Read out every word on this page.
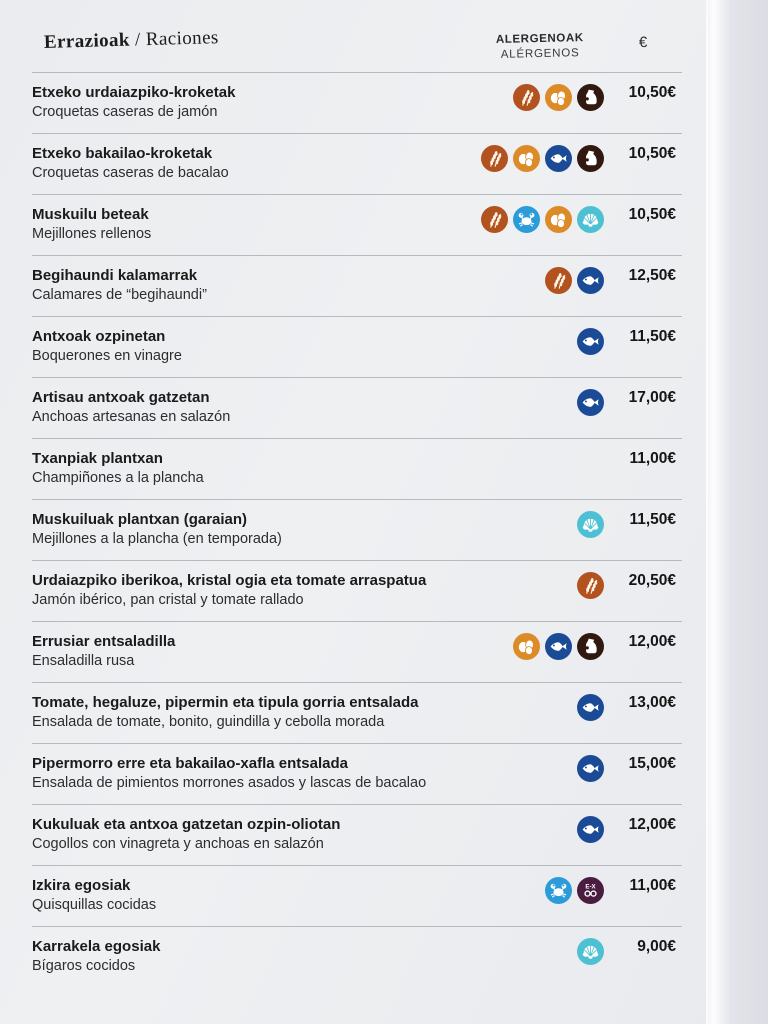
Errazioak / Raciones	ALERGENOAK
ALÉRGENOS
€
Etxeko urdaiazpiko-kroketak
Croquetas caseras de jamón
10,50€
Etxeko bakailao-kroketak
Croquetas caseras de bacalao
10,50€
Muskuilu beteak
Mejillones rellenos
10,50€
Begihaundi kalamarrak
Calamares de “begihaundi”
12,50€
Antxoak ozpinetan
Boquerones en vinagre
11,50€
Artisau antxoak gatzetan
Anchoas artesanas en salazón
17,00€
Txanpiak plantxan
Champiñones a la plancha
11,00€
Muskuiluak plantxan (garaian)
Mejillones a la plancha (en temporada)
11,50€
Urdaiazpiko iberikoa, kristal ogia eta tomate arraspatua
Jamón ibérico, pan cristal y tomate rallado
20,50€
Errusiar entsaladilla
Ensaladilla rusa
12,00€
Tomate, hegaluze, pipermin eta tipula gorria entsalada
Ensalada de tomate, bonito, guindilla y cebolla morada
13,00€
Pipermorro erre eta bakailao-xafla entsalada
Ensalada de pimientos morrones asados y lascas de bacalao
15,00€
Kukuluak eta antxoa gatzetan ozpin-oliotan
Cogollos con vinagreta y anchoas en salazón
12,00€
Izkira egosiak
Quisquillas cocidas
E-X	11,00€
Karrakela egosiak
Bígaros cocidos
9,00€
